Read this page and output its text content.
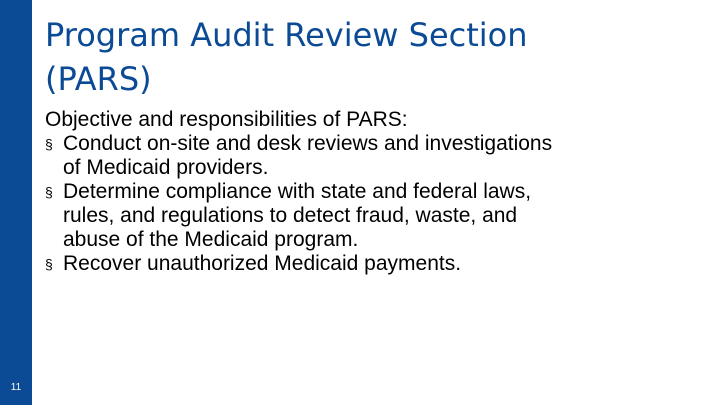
11
Program Audit Review Section
(PARS)
Objective and responsibilities of PARS:
§ Conduct on-site and desk reviews and investigations
of Medicaid providers.
§ Determine compliance with state and federal laws,
rules, and regulations to detect fraud, waste, and
abuse of the Medicaid program.
§ Recover unauthorized Medicaid payments.
